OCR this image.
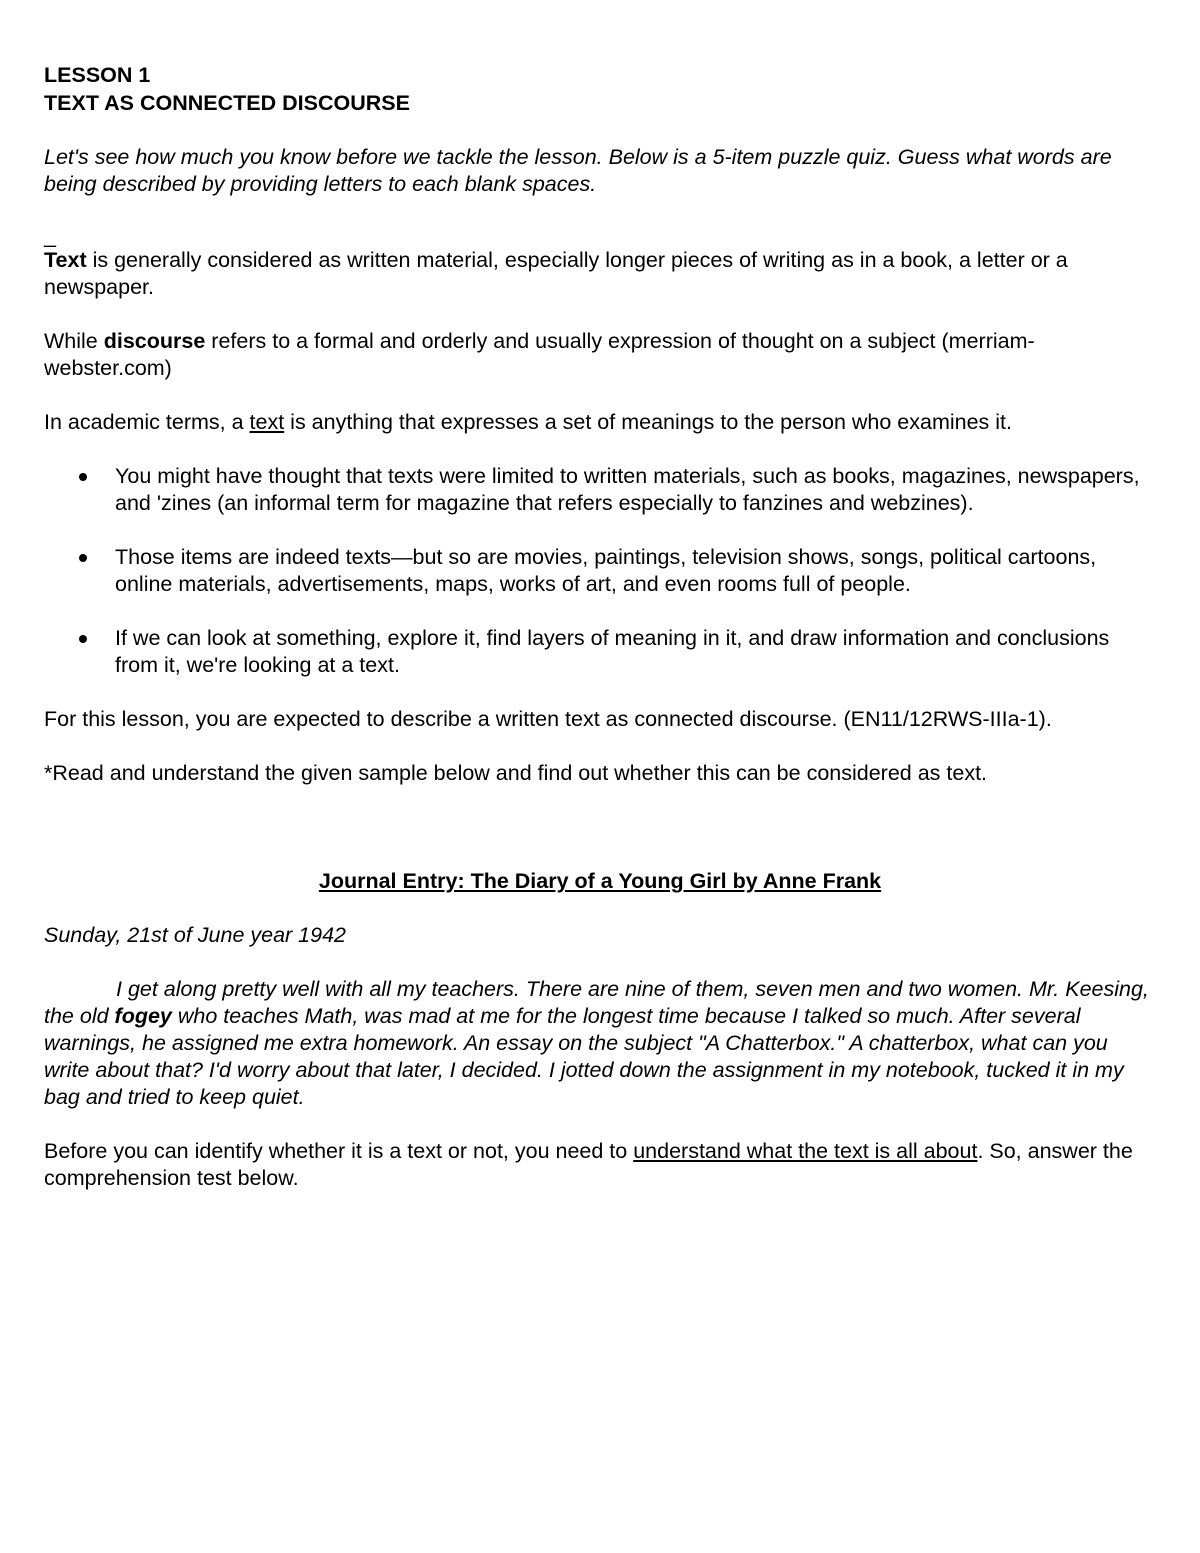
LESSON 1

TEXT AS CONNECTED DISCOURSE

Let's see how much you know before we tackle the lesson. Below is a 5-item puzzle quiz. Guess what words are being described by providing letters to each blank spaces.

_

Text is generally considered as written material, especially longer pieces of writing as in a book, a letter or a newspaper.

While discourse refers to a formal and orderly and usually expression of thought on a subject (merriam-webster.com)

In academic terms, a text is anything that expresses a set of meanings to the person who examines it.

You might have thought that texts were limited to written materials, such as books, magazines, newspapers, and 'zines (an informal term for magazine that refers especially to fanzines and webzines).
Those items are indeed texts—but so are movies, paintings, television shows, songs, political cartoons, online materials, advertisements, maps, works of art, and even rooms full of people.
If we can look at something, explore it, find layers of meaning in it, and draw information and conclusions from it, we're looking at a text.

For this lesson, you are expected to describe a written text as connected discourse. (EN11/12RWS-IIIa-1).

*Read and understand the given sample below and find out whether this can be considered as text.

Journal Entry: The Diary of a Young Girl by Anne Frank

Sunday, 21st of June year 1942

I get along pretty well with all my teachers. There are nine of them, seven men and two women. Mr. Keesing, the old fogey who teaches Math, was mad at me for the longest time because I talked so much. After several warnings, he assigned me extra homework. An essay on the subject "A Chatterbox." A chatterbox, what can you write about that? I'd worry about that later, I decided. I jotted down the assignment in my notebook, tucked it in my bag and tried to keep quiet.

Before you can identify whether it is a text or not, you need to understand what the text is all about. So, answer the comprehension test below.
